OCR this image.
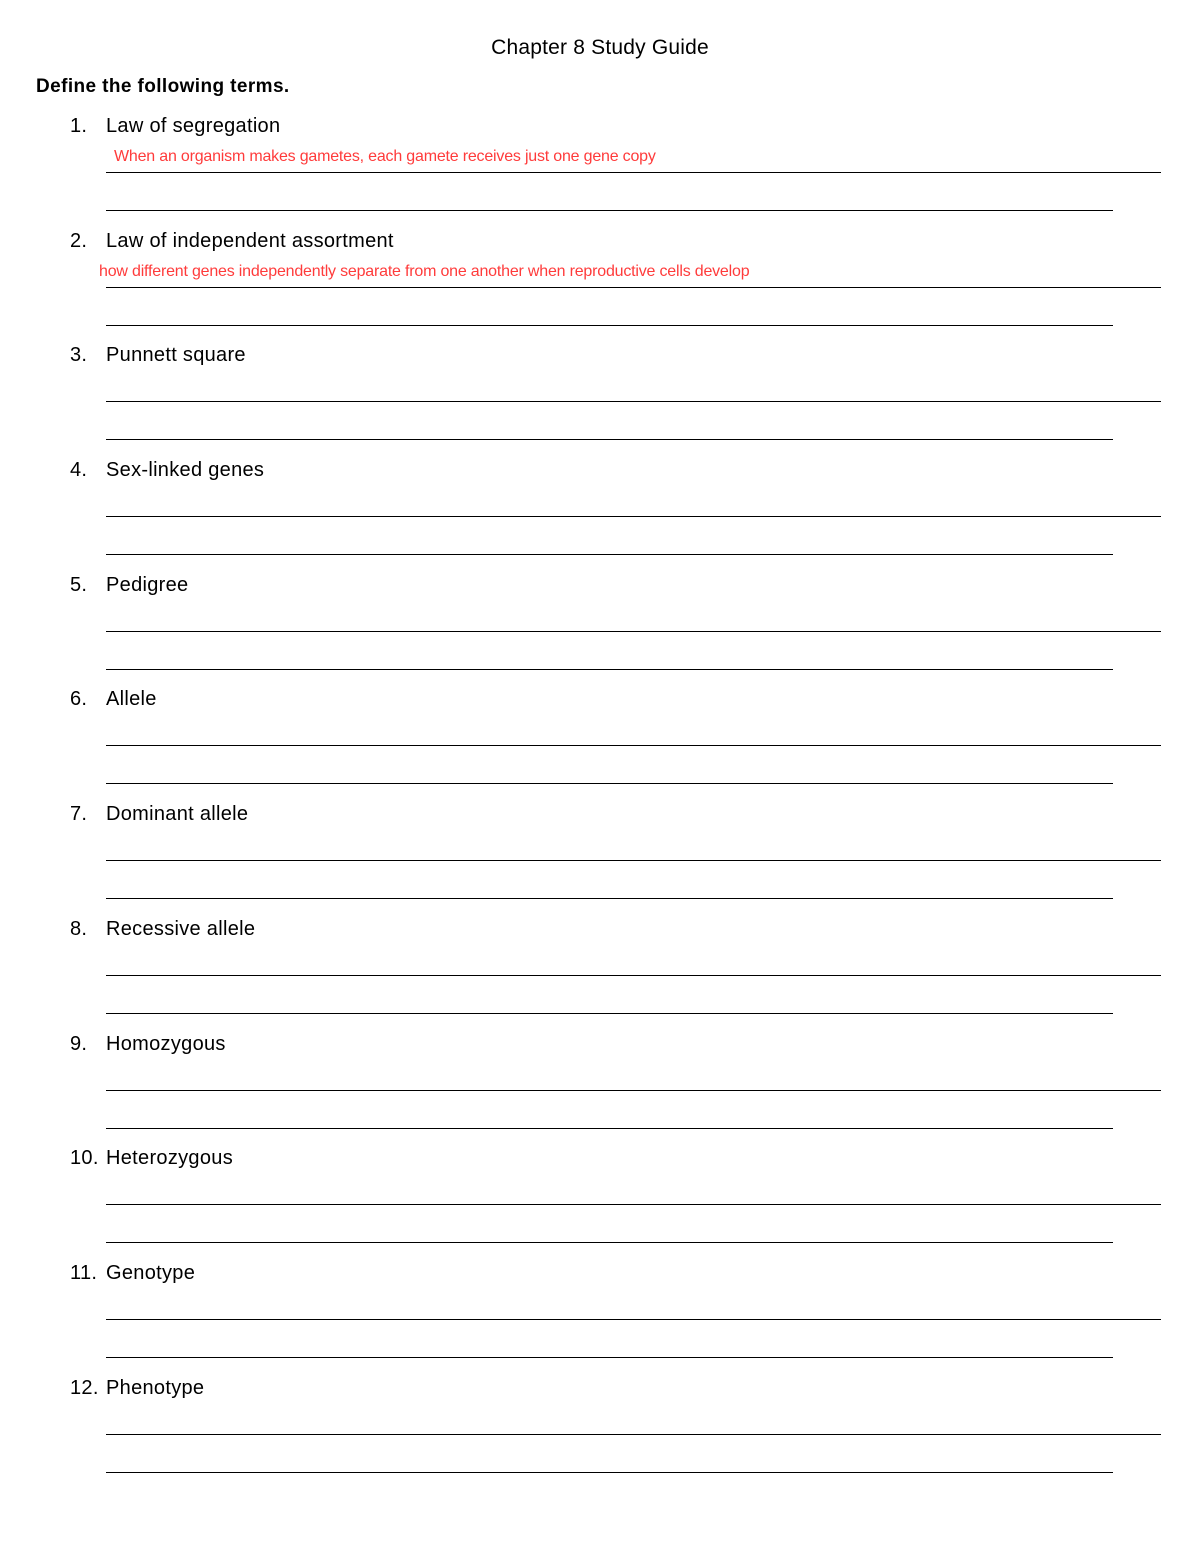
Chapter 8 Study Guide
Define the following terms.
1. Law of segregation
When an organism makes gametes, each gamete receives just one gene copy
2. Law of independent assortment
how different genes independently separate from one another when reproductive cells develop
3. Punnett square
4. Sex-linked genes
5. Pedigree
6. Allele
7. Dominant allele
8. Recessive allele
9. Homozygous
10. Heterozygous
11. Genotype
12. Phenotype
